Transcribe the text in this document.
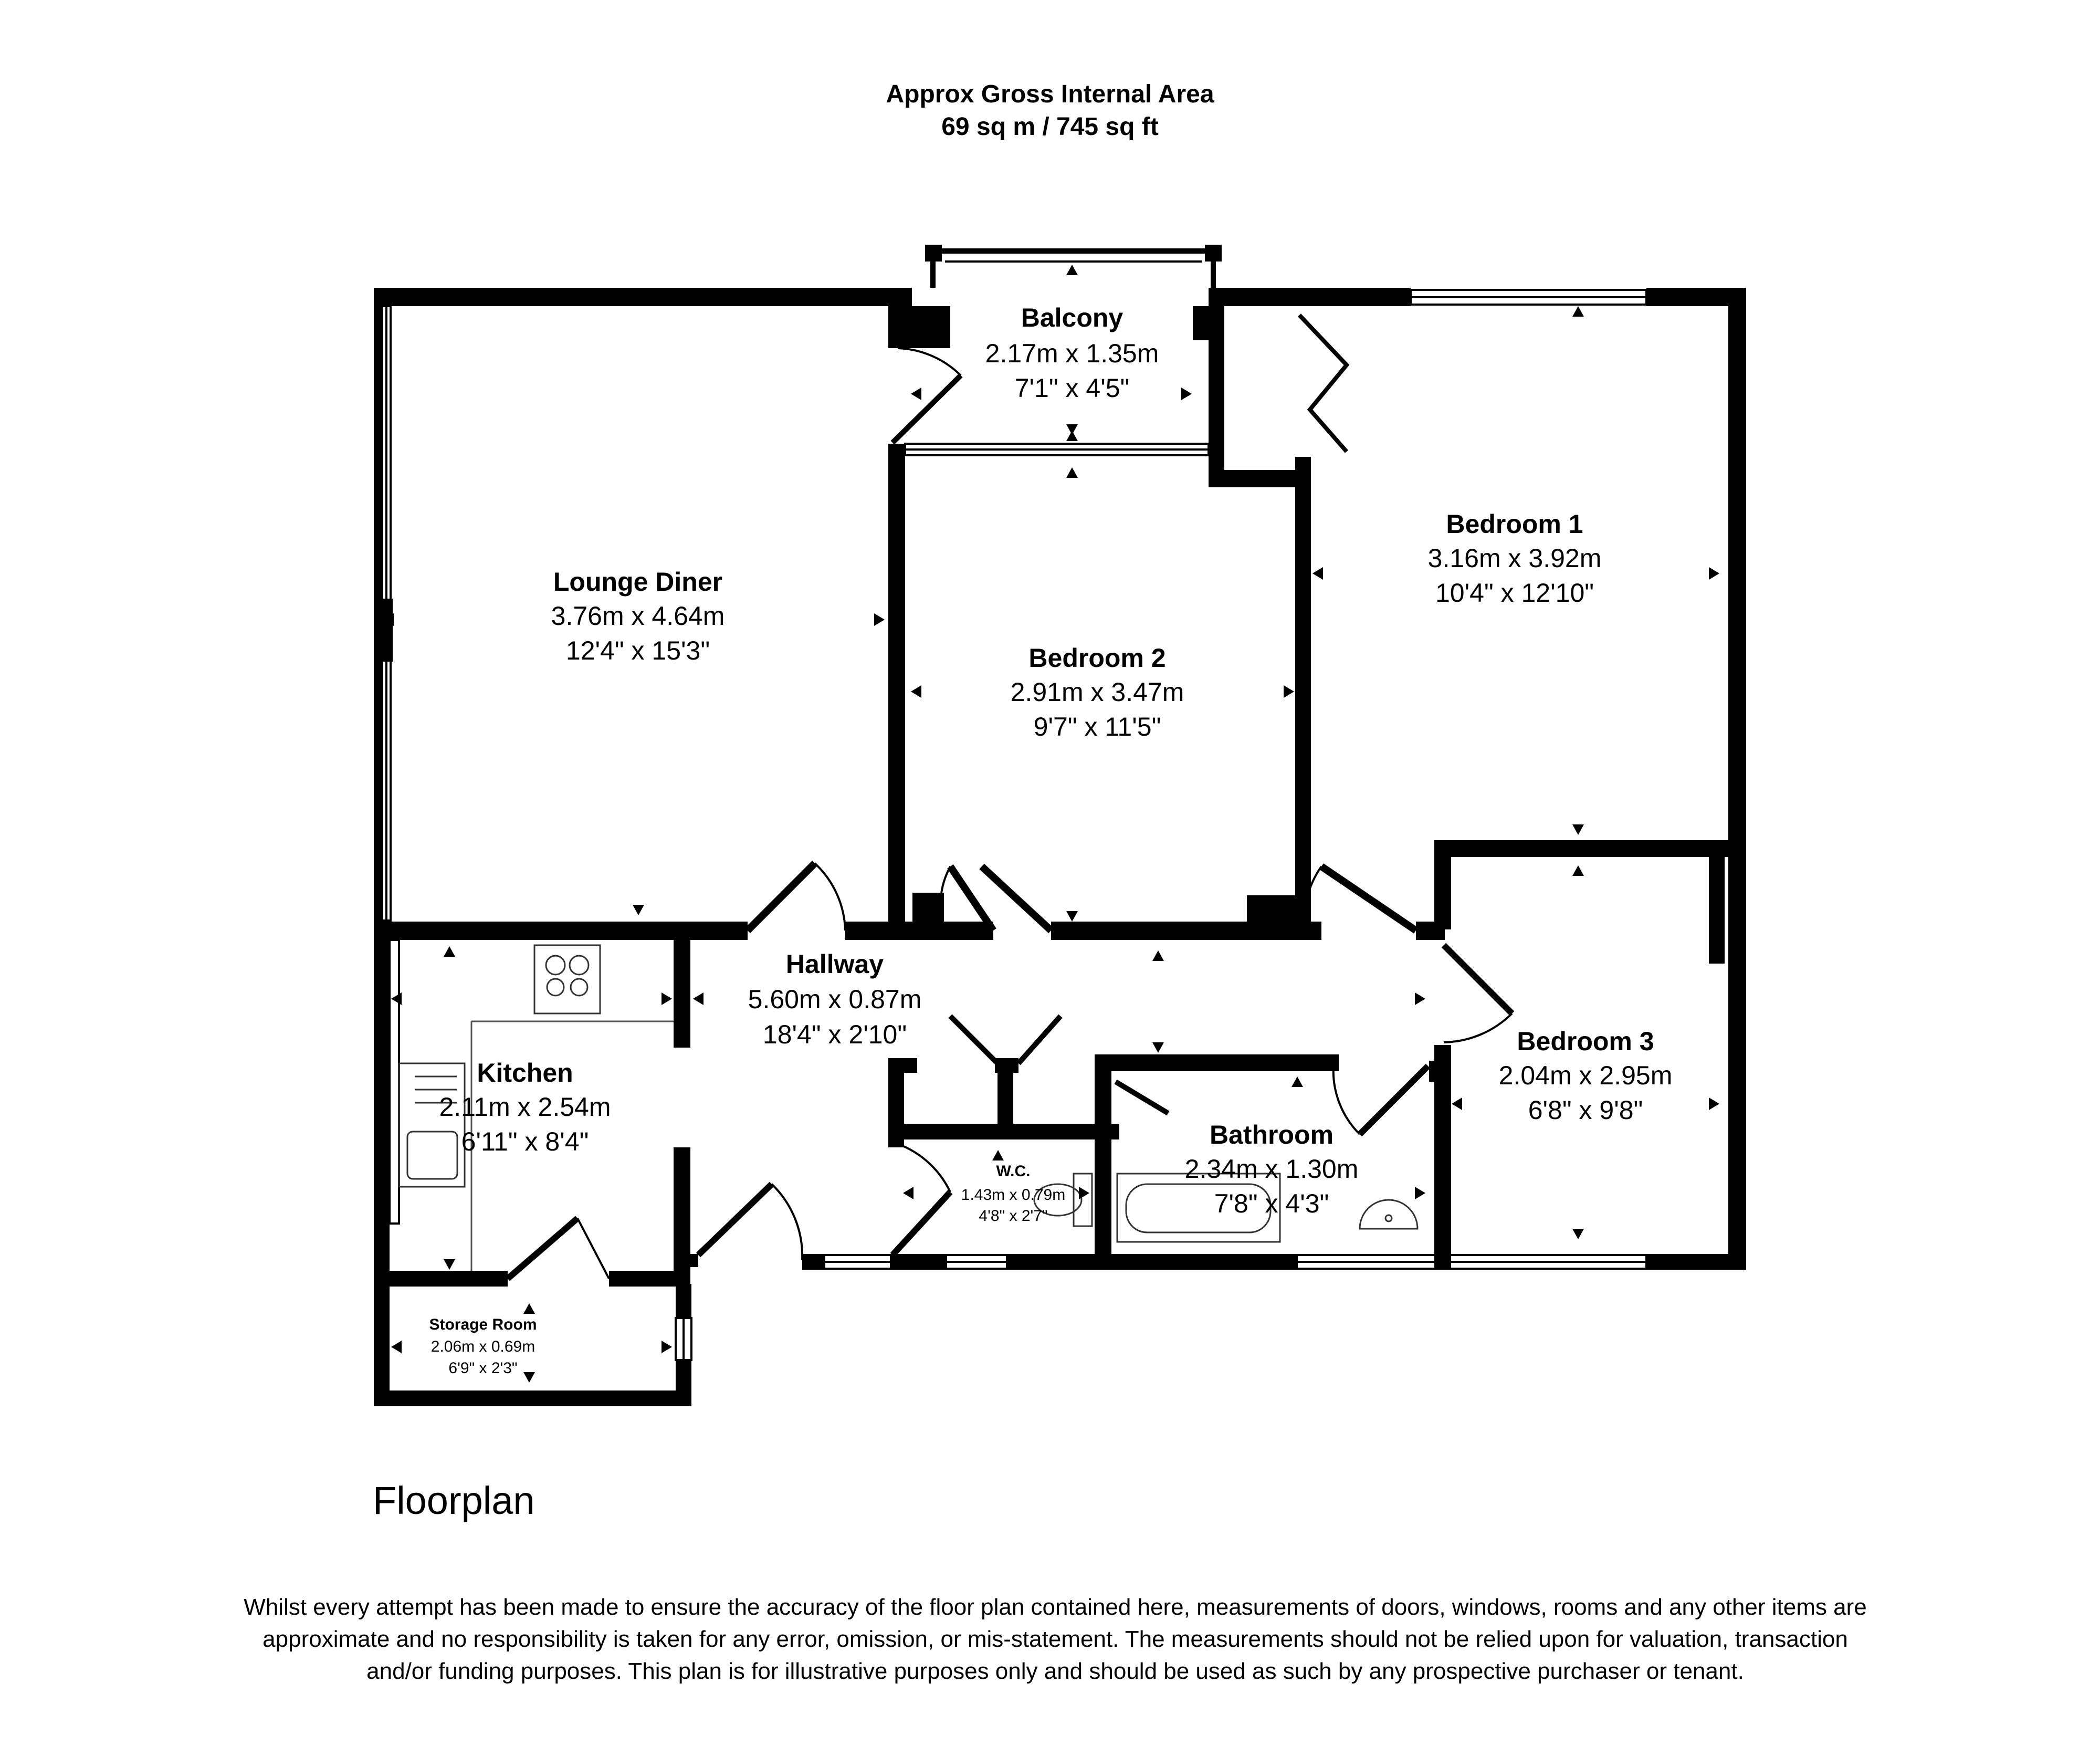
Approx Gross Internal Area
69 sq m / 745 sq ft
Balcony
2.17m x 1.35m
7'1" x 4'5"
Lounge Diner
3.76m x 4.64m
12'4" x 15'3"
Bedroom 1
3.16m x 3.92m
10'4" x 12'10"
Bedroom 2
2.91m x 3.47m
9'7" x 11'5"
Hallway
5.60m x 0.87m
18'4" x 2'10"
Kitchen
2.11m x 2.54m
6'11" x 8'4"
Bedroom 3
2.04m x 2.95m
6'8" x 9'8"
Bathroom
2.34m x 1.30m
7'8" x 4'3"
W.C.
1.43m x 0.79m
4'8" x 2'7"
Storage Room
2.06m x 0.69m
6'9" x 2'3"
Floorplan
Whilst every attempt has been made to ensure the accuracy of the floor plan contained here, measurements of doors, windows, rooms and any other items are approximate and no responsibility is taken for any error, omission, or mis-statement. The measurements should not be relied upon for valuation, transaction and/or funding purposes. This plan is for illustrative purposes only and should be used as such by any prospective purchaser or tenant.
